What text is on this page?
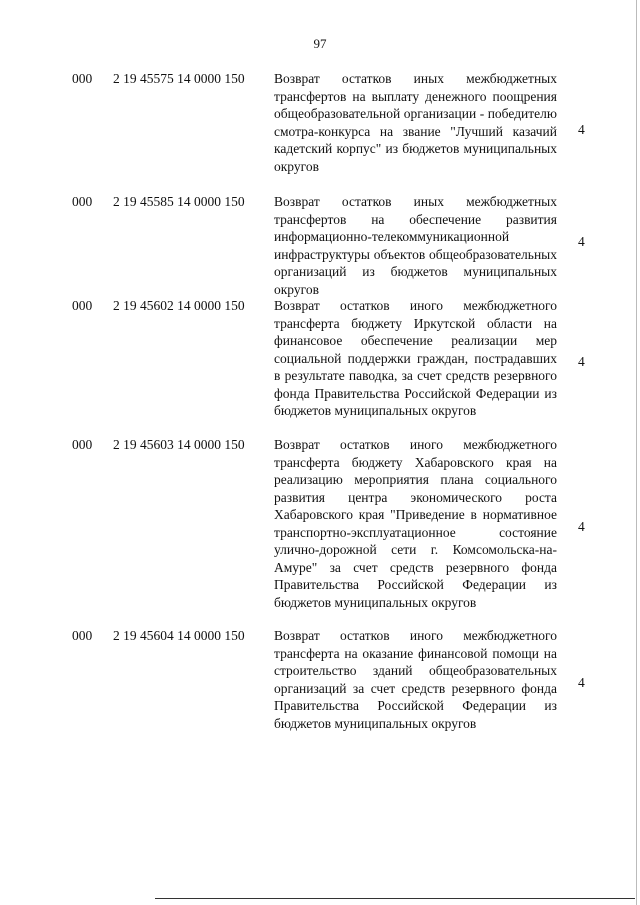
97
000 2 19 45575 14 0000 150 Возврат остатков иных межбюджетных трансфертов на выплату денежного поощрения общеобразовательной организации - победителю смотра-конкурса на звание "Лучший казачий кадетский корпус" из бюджетов муниципальных округов
4
000 2 19 45585 14 0000 150 Возврат остатков иных межбюджетных трансфертов на обеспечение развития информационно-телекоммуникационной инфраструктуры объектов общеобразовательных организаций из бюджетов муниципальных округов
4
000 2 19 45602 14 0000 150 Возврат остатков иного межбюджетного трансферта бюджету Иркутской области на финансовое обеспечение реализации мер социальной поддержки граждан, пострадавших в результате паводка, за счет средств резервного фонда Правительства Российской Федерации из бюджетов муниципальных округов
4
000 2 19 45603 14 0000 150 Возврат остатков иного межбюджетного трансферта бюджету Хабаровского края на реализацию мероприятия плана социального развития центра экономического роста Хабаровского края "Приведение в нормативное транспортно-эксплуатационное состояние улично-дорожной сети г. Комсомольска-на-Амуре" за счет средств резервного фонда Правительства Российской Федерации из бюджетов муниципальных округов
4
000 2 19 45604 14 0000 150 Возврат остатков иного межбюджетного трансферта на оказание финансовой помощи на строительство зданий общеобразовательных организаций за счет средств резервного фонда Правительства Российской Федерации из бюджетов муниципальных округов
4
